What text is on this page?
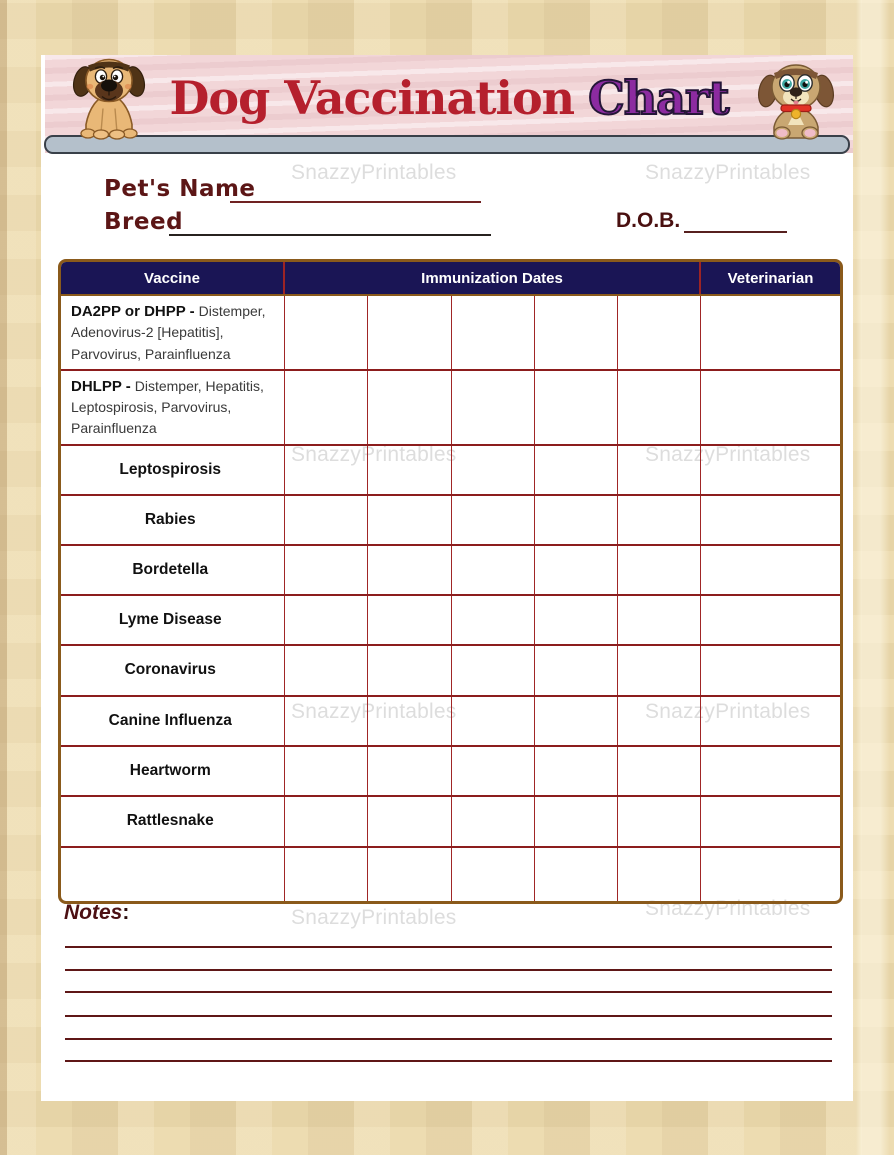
SnazzyPrintables	SnazzyPrintables
SnazzyPrintables	SnazzyPrintables
SnazzyPrintables	SnazzyPrintables
SnazzyPrintables	SnazzyPrintables
Dog Vaccination Chart
Pet's Name
Breed	D.O.B.
Vaccine	Immunization Dates					Veterinarian
DA2PP or DHPP - Distemper, Adenovirus-2 [Hepatitis], Parvovirus, Parainfluenza						
DHLPP - Distemper, Hepatitis, Leptospirosis, Parvovirus, Parainfluenza						
Leptospirosis						
Rabies						
Bordetella						
Lyme Disease						
Coronavirus						
Canine Influenza						
Heartworm						
Rattlesnake						

Notes:
